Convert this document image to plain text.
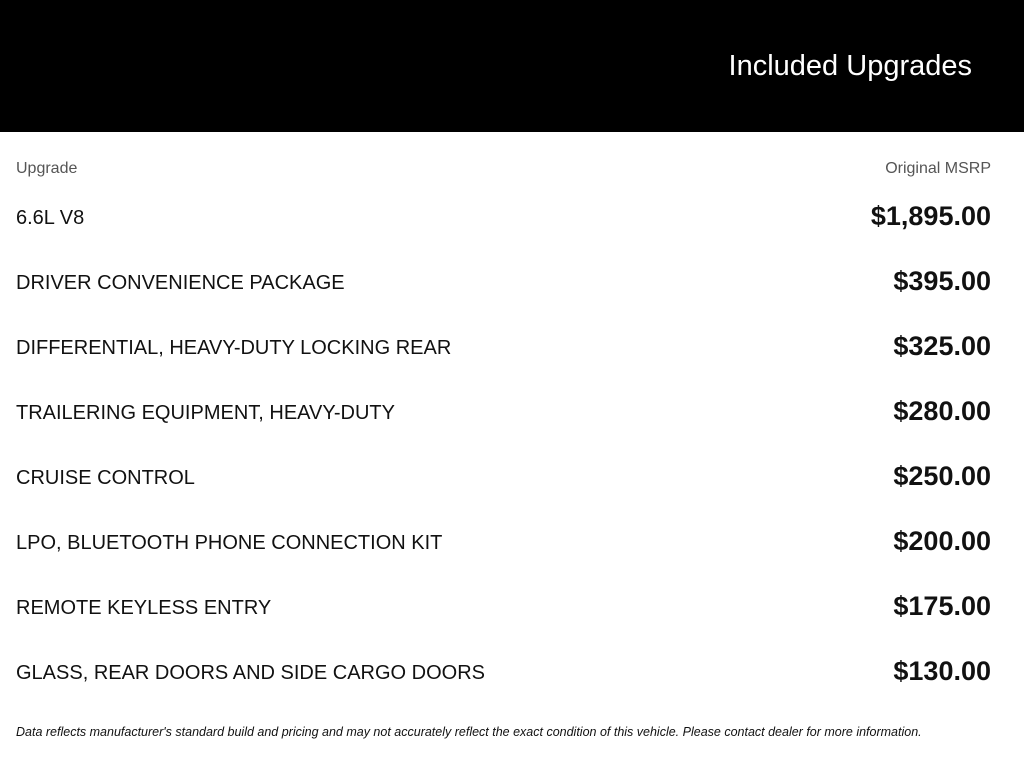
Included Upgrades
Upgrade	Original MSRP
6.6L V8	$1,895.00
DRIVER CONVENIENCE PACKAGE	$395.00
DIFFERENTIAL, HEAVY-DUTY LOCKING REAR	$325.00
TRAILERING EQUIPMENT, HEAVY-DUTY	$280.00
CRUISE CONTROL	$250.00
LPO, BLUETOOTH PHONE CONNECTION KIT	$200.00
REMOTE KEYLESS ENTRY	$175.00
GLASS, REAR DOORS AND SIDE CARGO DOORS	$130.00

Data reflects manufacturer's standard build and pricing and may not accurately reflect the exact condition of this vehicle. Please contact dealer for more information.
